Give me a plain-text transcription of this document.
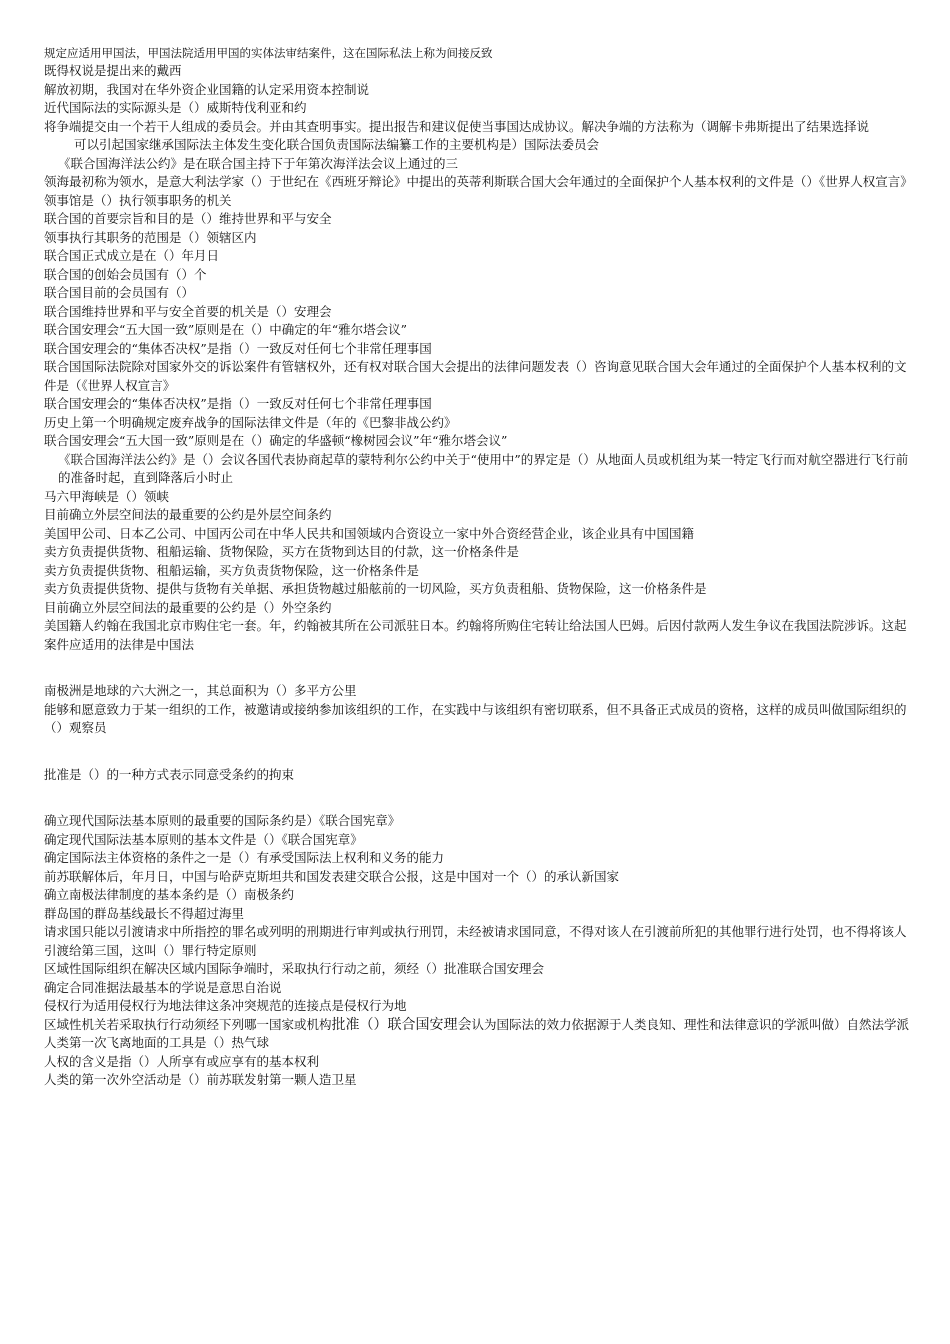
规定应适用甲国法，甲国法院适用甲国的实体法审结案件，这在国际私法上称为间接反致
既得权说是提出来的戴西
解放初期，我国对在华外资企业国籍的认定采用资本控制说
近代国际法的实际源头是（）威斯特伐利亚和约
将争端提交由一个若干人组成的委员会。并由其查明事实。提出报告和建议促使当事国达成协议。解决争端的方法称为（调解卡弗斯提出了结果选择说
可以引起国家继承国际法主体发生变化联合国负责国际法编纂工作的主要机构是）国际法委员会
《联合国海洋法公约》是在联合国主持下于年第次海洋法会议上通过的三
领海最初称为领水，是意大利法学家（）于世纪在《西班牙辩论》中提出的英蒂利斯联合国大会年通过的全面保护个人基本权利的文件是（）《世界人权宣言》领事馆是（）执行领事职务的机关
联合国的首要宗旨和目的是（）维持世界和平与安全
领事执行其职务的范围是（）领辖区内
联合国正式成立是在（）年月日
联合国的创始会员国有（）个
联合国目前的会员国有（）
联合国维持世界和平与安全首要的机关是（）安理会
联合国安理会“五大国一致”原则是在（）中确定的年“雅尔塔会议”
联合国安理会的“集体否决权”是指（）一致反对任何七个非常任理事国
联合国国际法院除对国家外交的诉讼案件有管辖权外，还有权对联合国大会提出的法律问题发表（）咨询意见联合国大会年通过的全面保护个人基本权利的文件是（《世界人权宣言》
联合国安理会的“集体否决权”是指（）一致反对任何七个非常任理事国
历史上第一个明确规定废弃战争的国际法律文件是（年的《巴黎非战公约》
联合国安理会“五大国一致”原则是在（）确定的华盛顿“橡树园会议”年“雅尔塔会议”
《联合国海洋法公约》是（）会议各国代表协商起草的蒙特利尔公约中关于“使用中”的界定是（）从地面人员或机组为某一特定飞行而对航空器进行飞行前的准备时起，直到降落后小时止
马六甲海峡是（）领峡
目前确立外层空间法的最重要的公约是外层空间条约
美国甲公司、日本乙公司、中国丙公司在中华人民共和国领域内合资设立一家中外合资经营企业，该企业具有中国国籍
卖方负责提供货物、租船运输、货物保险，买方在货物到达目的付款，这一价格条件是
卖方负责提供货物、租船运输，买方负责货物保险，这一价格条件是
卖方负责提供货物、提供与货物有关单据、承担货物越过船舷前的一切风险，买方负责租船、货物保险，这一价格条件是
目前确立外层空间法的最重要的公约是（）外空条约
美国籍人约翰在我国北京市购住宅一套。年，约翰被其所在公司派驻日本。约翰将所购住宅转让给法国人巴姆。后因付款两人发生争议在我国法院涉诉。这起案件应适用的法律是中国法
南极洲是地球的六大洲之一，其总面积为（）多平方公里
能够和愿意致力于某一组织的工作，被邀请或接纳参加该组织的工作，在实践中与该组织有密切联系，但不具备正式成员的资格，这样的成员叫做国际组织的（）观察员
批准是（）的一种方式表示同意受条约的拘束
确立现代国际法基本原则的最重要的国际条约是）《联合国宪章》
确定现代国际法基本原则的基本文件是（）《联合国宪章》
确定国际法主体资格的条件之一是（）有承受国际法上权利和义务的能力
前苏联解体后，年月日，中国与哈萨克斯坦共和国发表建交联合公报，这是中国对一个（）的承认新国家
确立南极法律制度的基本条约是（）南极条约
群岛国的群岛基线最长不得超过海里
请求国只能以引渡请求中所指控的罪名或列明的刑期进行审判或执行刑罚，未经被请求国同意，不得对该人在引渡前所犯的其他罪行进行处罚，也不得将该人引渡给第三国，这叫（）罪行特定原则
区域性国际组织在解决区域内国际争端时，采取执行行动之前，须经（）批准联合国安理会
确定合同准据法最基本的学说是意思自治说
侵权行为适用侵权行为地法律这条冲突规范的连接点是侵权行为地
区域性机关若采取执行行动须经下列哪一国家或机构批准（）联合国安理会认为国际法的效力依据源于人类良知、理性和法律意识的学派叫做）自然法学派人类第一次飞离地面的工具是（）热气球
人权的含义是指（）人所享有或应享有的基本权利
人类的第一次外空活动是（）前苏联发射第一颗人造卫星
